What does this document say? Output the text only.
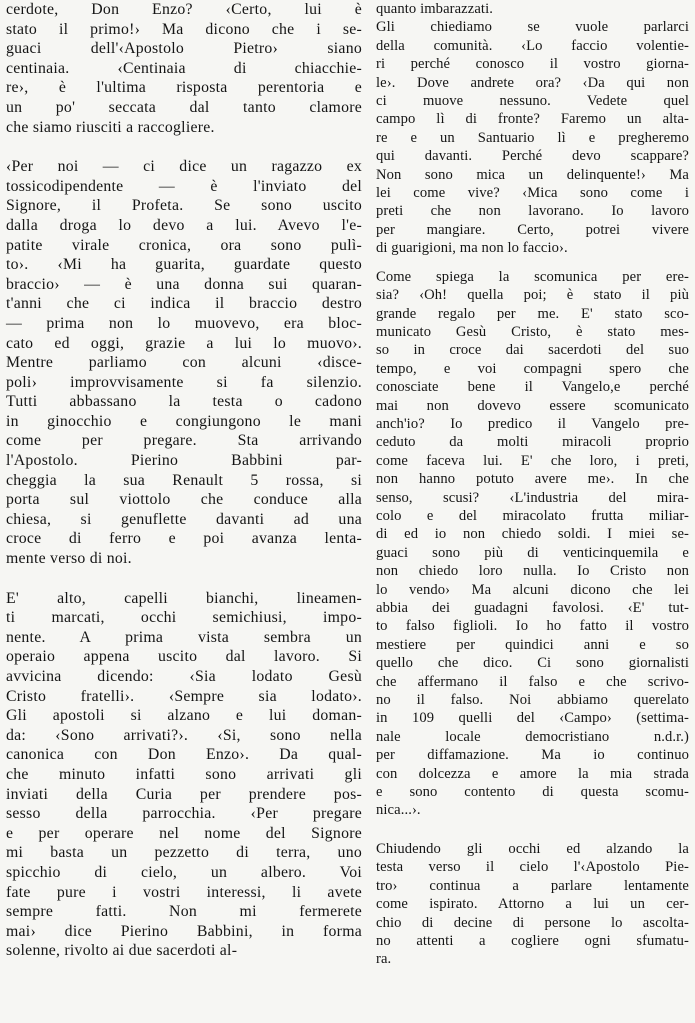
cerdote, Don Enzo? ‹Certo, lui è
stato il primo!› Ma dicono che i se-
guaci dell'‹Apostolo Pietro› siano
centinaia. ‹Centinaia di chiacchie-
re›, è l'ultima risposta perentoria e
un po' seccata dal tanto clamore
che siamo riusciti a raccogliere.

‹Per noi — ci dice un ragazzo ex
tossicodipendente — è l'inviato del
Signore, il Profeta. Se sono uscito
dalla droga lo devo a lui. Avevo l'e-
patite virale cronica, ora sono pulì-
to›. ‹Mi ha guarita, guardate questo
braccio› — è una donna sui quaran-
t'anni che ci indica il braccio destro
— prima non lo muovevo, era bloc-
cato ed oggi, grazie a lui lo muovo›.
Mentre parliamo con alcuni ‹disce-
poli› improvvisamente si fa silenzio.
Tutti abbassano la testa o cadono
in ginocchio e congiungono le mani
come per pregare. Sta arrivando
l'Apostolo. Pierino Babbini par-
cheggia la sua Renault 5 rossa, si
porta sul viottolo che conduce alla
chiesa, si genuflette davanti ad una
croce di ferro e poi avanza lenta-
mente verso di noi.

E' alto, capelli bianchi, lineamen-
ti marcati, occhi semichiusi, impo-
nente. A prima vista sembra un
operaio appena uscito dal lavoro. Si
avvicina dicendo: ‹Sia lodato Gesù
Cristo fratelli›. ‹Sempre sia lodato›.
Gli apostoli si alzano e lui doman-
da: ‹Sono arrivati?›. ‹Si, sono nella
canonica con Don Enzo›. Da qual-
che minuto infatti sono arrivati gli
inviati della Curia per prendere pos-
sesso della parrocchia. ‹Per pregare
e per operare nel nome del Signore
mi basta un pezzetto di terra, uno
spicchio di cielo, un albero. Voi
fate pure i vostri interessi, li avete
sempre fatti. Non mi fermerete
mai› dice Pierino Babbini, in forma
solenne, rivolto ai due sacerdoti al-

quanto imbarazzati.

Gli chiediamo se vuole parlarci
della comunità. ‹Lo faccio volentie-
ri perché conosco il vostro giorna-
le›. Dove andrete ora? ‹Da qui non
ci muove nessuno. Vedete quel
campo lì di fronte? Faremo un alta-
re e un Santuario lì e pregheremo
qui davanti. Perché devo scappare?
Non sono mica un delinquente!› Ma
lei come vive? ‹Mica sono come i
preti che non lavorano. Io lavoro
per mangiare. Certo, potrei vivere
di guarigioni, ma non lo faccio›.

Come spiega la scomunica per ere-
sia? ‹Oh! quella poi; è stato il più
grande regalo per me. E' stato sco-
municato Gesù Cristo, è stato mes-
so in croce dai sacerdoti del suo
tempo, e voi compagni spero che
conosciate bene il Vangelo,e perché
mai non dovevo essere scomunicato
anch'io? Io predico il Vangelo pre-
ceduto da molti miracoli proprio
come faceva lui. E' che loro, i preti,
non hanno potuto avere me›. In che
senso, scusi? ‹L'industria del mira-
colo e del miracolato frutta miliar-
di ed io non chiedo soldi. I miei se-
guaci sono più di venticinquemila e
non chiedo loro nulla. Io Cristo non
lo vendo› Ma alcuni dicono che lei
abbia dei guadagni favolosi. ‹E' tut-
to falso figlioli. Io ho fatto il vostro
mestiere per quindici anni e so
quello che dico. Ci sono giornalisti
che affermano il falso e che scrivo-
no il falso. Noi abbiamo querelato
in 109 quelli del ‹Campo› (settima-
nale locale democristiano n.d.r.)
per diffamazione. Ma io continuo
con dolcezza e amore la mia strada
e sono contento di questa scomu-
nica...›.

Chiudendo gli occhi ed alzando la
testa verso il cielo l'‹Apostolo Pie-
tro› continua a parlare lentamente
come ispirato. Attorno a lui un cer-
chio di decine di persone lo ascolta-
no attenti a cogliere ogni sfumatu-
ra.
